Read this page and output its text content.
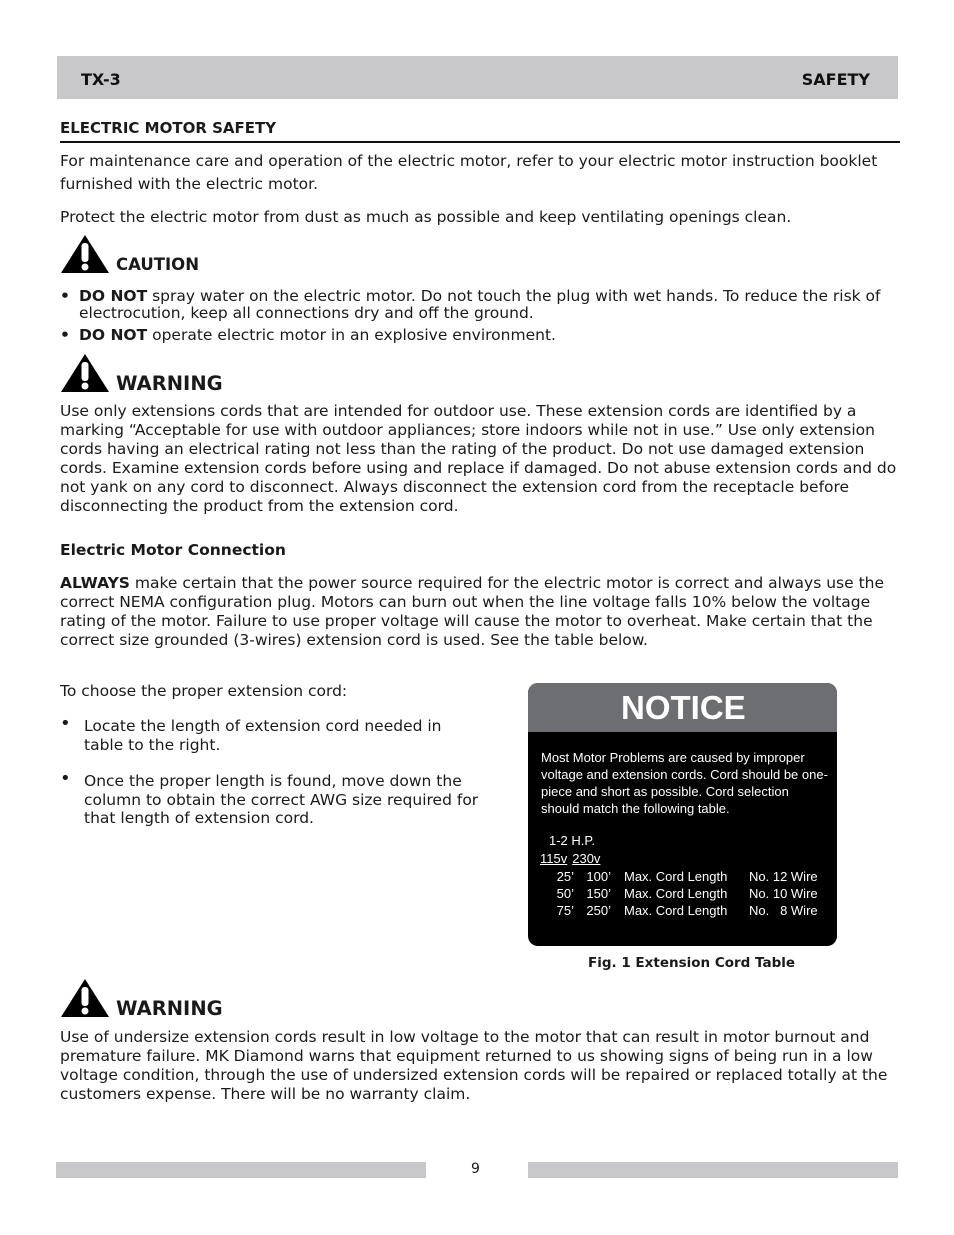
TX-3	SAFETY
ELECTRIC MOTOR SAFETY
For maintenance care and operation of the electric motor, refer to your electric motor instruction booklet furnished with the electric motor.
Protect the electric motor from dust as much as possible and keep ventilating openings clean.
CAUTION
• DO NOT spray water on the electric motor. Do not touch the plug with wet hands. To reduce the risk of electrocution, keep all connections dry and off the ground.
• DO NOT operate electric motor in an explosive environment.
WARNING
Use only extensions cords that are intended for outdoor use. These extension cords are identified by a marking “Acceptable for use with outdoor appliances; store indoors while not in use.” Use only extension cords having an electrical rating not less than the rating of the product. Do not use damaged extension cords. Examine extension cords before using and replace if damaged. Do not abuse extension cords and do not yank on any cord to disconnect. Always disconnect the extension cord from the receptacle before disconnecting the product from the extension cord.
Electric Motor Connection
ALWAYS make certain that the power source required for the electric motor is correct and always use the correct NEMA configuration plug. Motors can burn out when the line voltage falls 10% below the voltage rating of the motor. Failure to use proper voltage will cause the motor to overheat. Make certain that the correct size grounded (3-wires) extension cord is used. See the table below.
To choose the proper extension cord:
• Locate the length of extension cord needed in table to the right.
• Once the proper length is found, move down the column to obtain the correct AWG size required for that length of extension cord.
NOTICE
Most Motor Problems are caused by improper voltage and extension cords. Cord should be one-piece and short as possible. Cord selection should match the following table.
1-2 H.P.
115v 230v
25’ 100’	Max. Cord Length	No. 12 Wire
50’ 150’	Max. Cord Length	No. 10 Wire
75’ 250’	Max. Cord Length	No.   8 Wire
Fig. 1 Extension Cord Table
WARNING
Use of undersize extension cords result in low voltage to the motor that can result in motor burnout and premature failure. MK Diamond warns that equipment returned to us showing signs of being run in a low voltage condition, through the use of undersized extension cords will be repaired or replaced totally at the customers expense. There will be no warranty claim.
9
